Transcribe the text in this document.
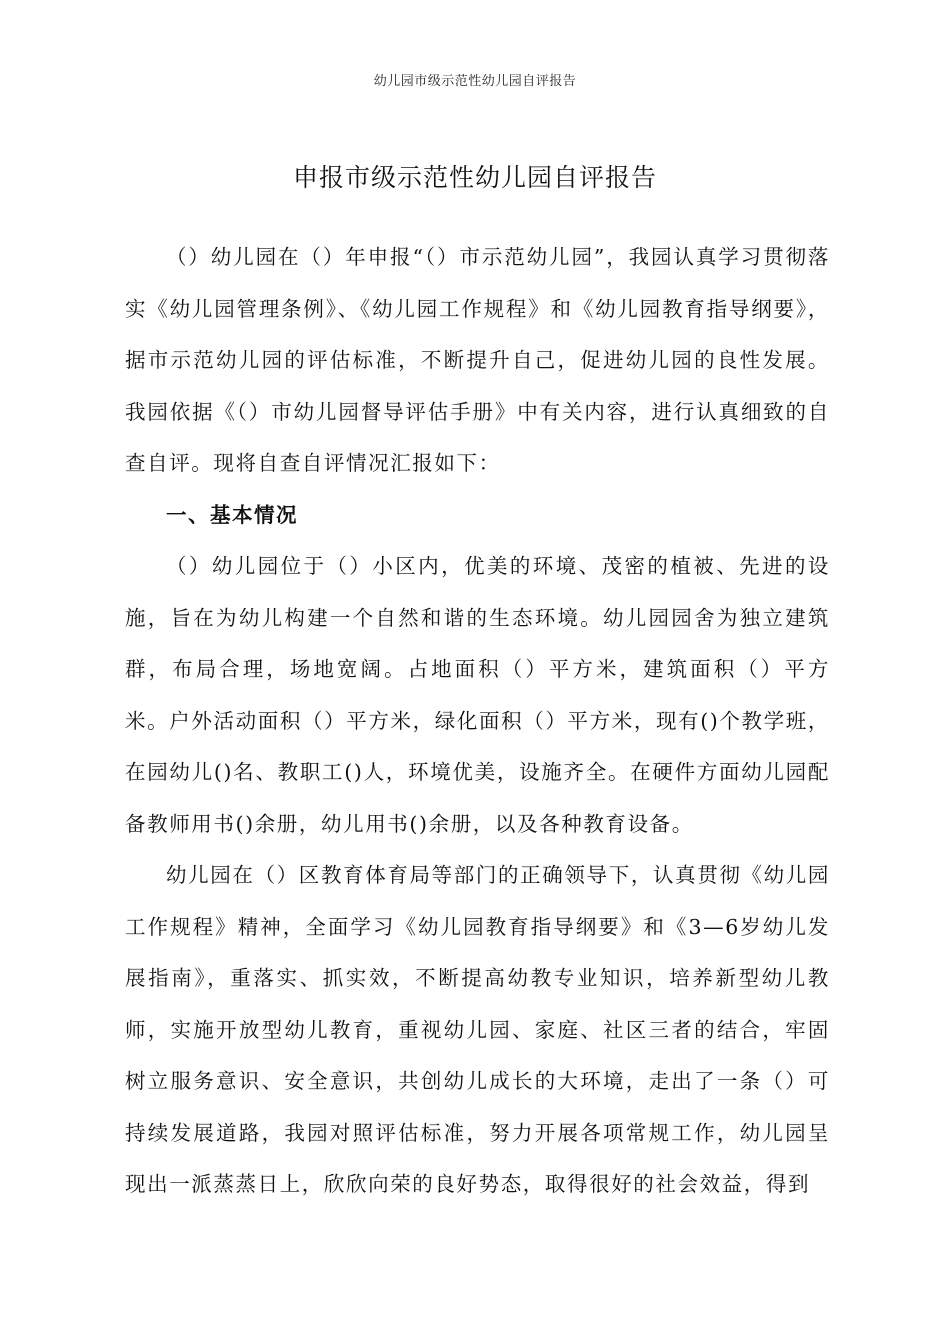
幼儿园市级示范性幼儿园自评报告
申报市级示范性幼儿园自评报告

（）幼儿园在（）年申报“（）市示范幼儿园”，我园认真学习贯彻落实《幼儿园管理条例》、《幼儿园工作规程》和《幼儿园教育指导纲要》，据市示范幼儿园的评估标准，不断提升自己，促进幼儿园的良性发展。我园依据《（）市幼儿园督导评估手册》中有关内容，进行认真细致的自查自评。现将自查自评情况汇报如下：

一、基本情况

（）幼儿园位于（）小区内，优美的环境、茂密的植被、先进的设施，旨在为幼儿构建一个自然和谐的生态环境。幼儿园园舍为独立建筑群，布局合理，场地宽阔。占地面积（）平方米，建筑面积（）平方米。户外活动面积（）平方米，绿化面积（）平方米，现有()个教学班，在园幼儿()名、教职工()人，环境优美，设施齐全。在硬件方面幼儿园配备教师用书()余册，幼儿用书()余册，以及各种教育设备。

幼儿园在（）区教育体育局等部门的正确领导下，认真贯彻《幼儿园工作规程》精神，全面学习《幼儿园教育指导纲要》和《3—6岁幼儿发展指南》，重落实、抓实效，不断提高幼教专业知识，培养新型幼儿教师，实施开放型幼儿教育，重视幼儿园、家庭、社区三者的结合，牢固树立服务意识、安全意识，共创幼儿成长的大环境，走出了一条（）可持续发展道路，我园对照评估标准，努力开展各项常规工作，幼儿园呈现出一派蒸蒸日上，欣欣向荣的良好势态，取得很好的社会效益，得到
